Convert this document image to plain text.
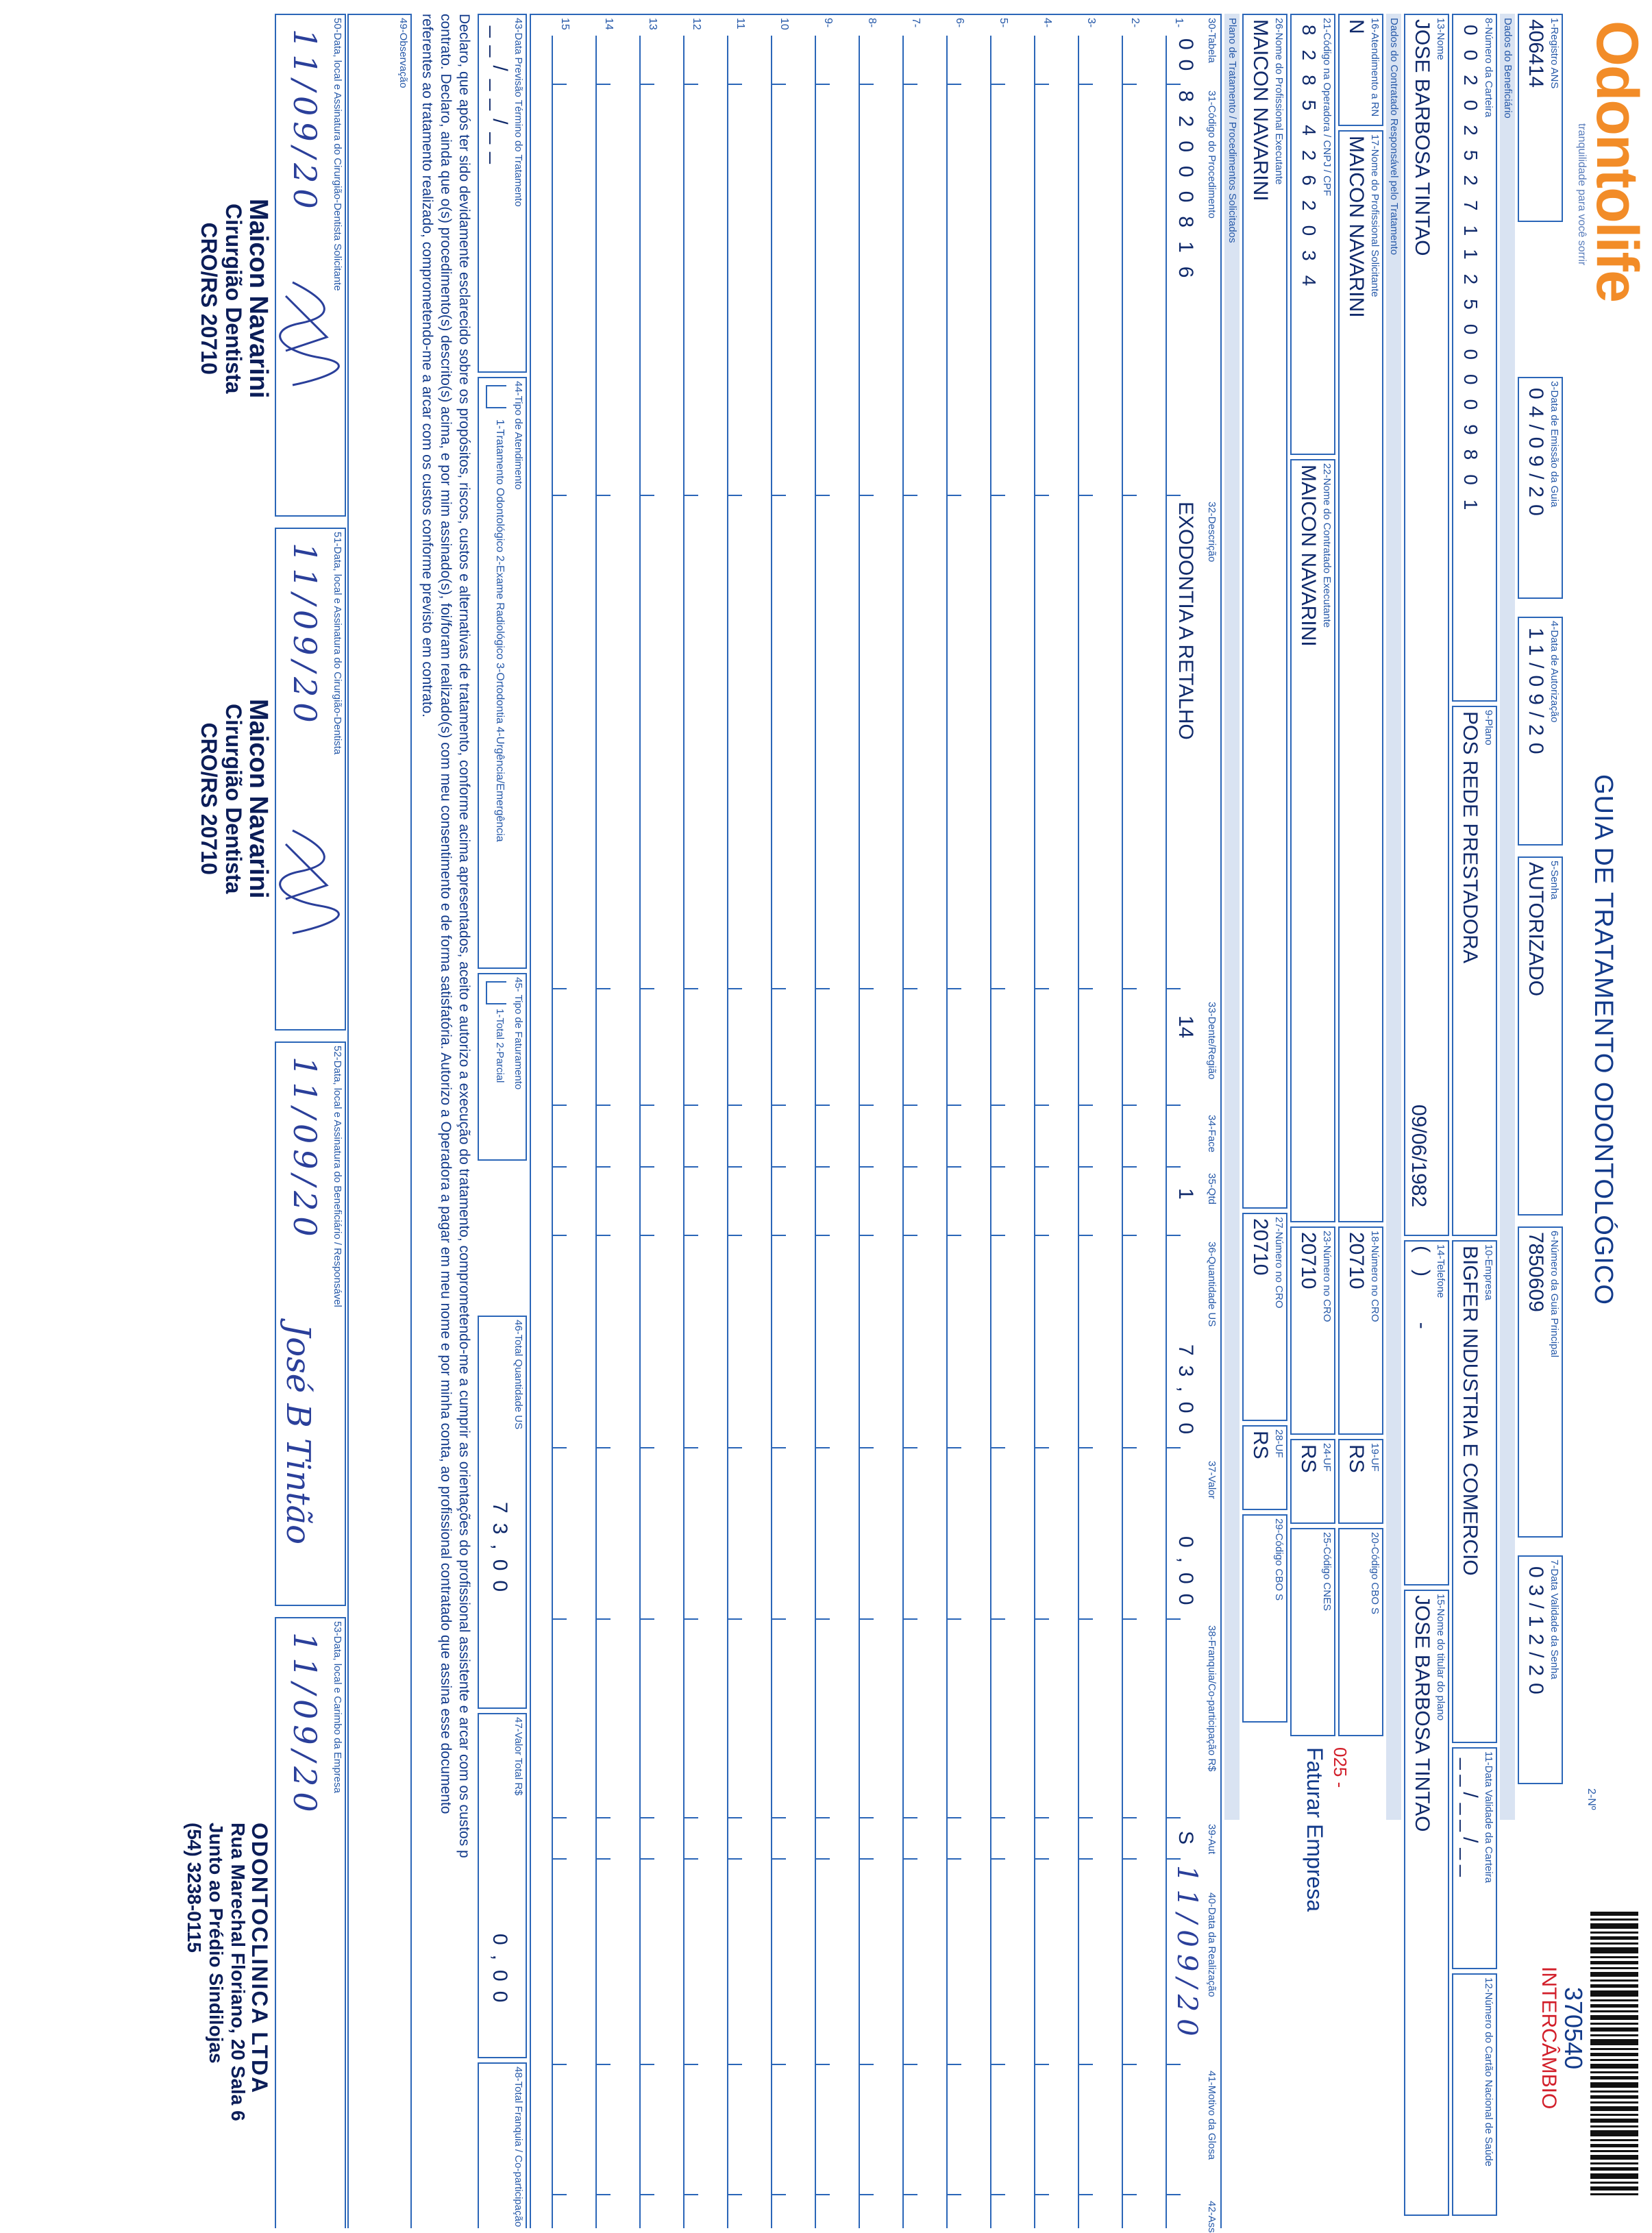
Odontolife
tranquilidade para você sorrir
GUIA DE TRATAMENTO ODONTOLÓGICO
2-Nº
370540
INTERCÂMBIO
1-Registro ANS
406414
3-Data de Emissão da Guia
04/09/20
4-Data de Autorização
11/09/20
5-Senha
AUTORIZADO
6-Número da Guia Principal
7850609
7-Data Validade da Senha
03/12/20
Dados do Beneficiário
8-Número da Carteira
00202527112500009801
9-Plano
POS REDE PRESTADORA
10-Empresa
BIGFER INDUSTRIA E COMERCIO
11-Data Validade da Carteira
__/__/__
12-Número do Cartão Nacional de Saúde
13-Nome
JOSE BARBOSA TINTAO
09/06/1982
14-Telefone
(   )        -
15-Nome do titular do plano
JOSE BARBOSA TINTAO
Dados do Contratado Responsável pelo Tratamento
16-Atendimento a RN
N
17-Nome do Profissional Solicitante
MAICON NAVARINI
18-Número no CRO
20710
19-UF
RS
20-Código CBO S
21-Código na Operadora / CNPJ / CPF
82854262034
22-Nome do Contratado Executante
MAICON NAVARINI
23-Número no CRO
20710
24-UF
RS
25-Código CNES
025 -
Faturar Empresa
26-Nome do Profissional Executante
MAICON NAVARINI
27-Número no CRO
20710
28-UF
RS
29-Código CBO S
Plano de Tratamento / Procedimentos Solicitados
30-Tabela
31-Código do Procedimento
32-Descrição
33-Dente/Região
34-Face
35-Qtd
36-Quantidade US
37-Valor
38-Franquia/Co-participação R$
39-Aut
40-Data da Realização
41-Motivo da Glosa
42-Ass
1-
2-
3-
4-
5-
6-
7-
8-
9-
10
11
12
13
14
15
00
82000816
EXODONTIA A RETALHO
14
1
73,00
0,00
S
11/09/20
43-Data Previsão Término do Tratamento
__/__/__
44-Tipo de Atendimento
1-Tratamento Odontológico 2-Exame Radiológico 3-Ortodontia 4-Urgência/Emergência
45- Tipo de Faturamento
1-Total 2-Parcial
46-Total Quantidade US
73,00
47-Valor Total R$
0,00
48-Total Franquia / Co-participação
Declaro, que após ter sido devidamente esclarecido sobre os propósitos, riscos, custos e alternativas de tratamento, conforme acima apresentados, aceito e autorizo a execução do tratamento, comprometendo-me a cumprir as orientações do profissional assistente e arcar com os custos p
contrato. Declaro, ainda que o(s) procedimento(s) descrito(s) acima, e por mim assinado(s), foi/foram realizado(s) com meu consentimento e de forma satisfatória. Autorizo a Operadora a pagar em meu nome e por minha conta, ao profissional contratado que assina esse documento
referentes ao tratamento realizado, comprometendo-me a arcar com os custos conforme previsto em contrato.
49-Observação
50-Data, local e Assinatura do Cirurgião-Dentista Solicitante
11/09/20
51-Data, local e Assinatura do Cirurgião-Dentista
11/09/20
52-Data, local e Assinatura do Beneficiário / Responsável
11/09/20
José B Tintão
53-Data, local e Carimbo da Empresa
11/09/20
Maicon Navarini
Cirurgião Dentista
CRO/RS 20710
Maicon Navarini
Cirurgião Dentista
CRO/RS 20710
ODONTOCLINICA LTDA
Rua Marechal Floriano, 20 Sala 6
Junto ao Prédio Sindilojas
(54) 3238-0115
